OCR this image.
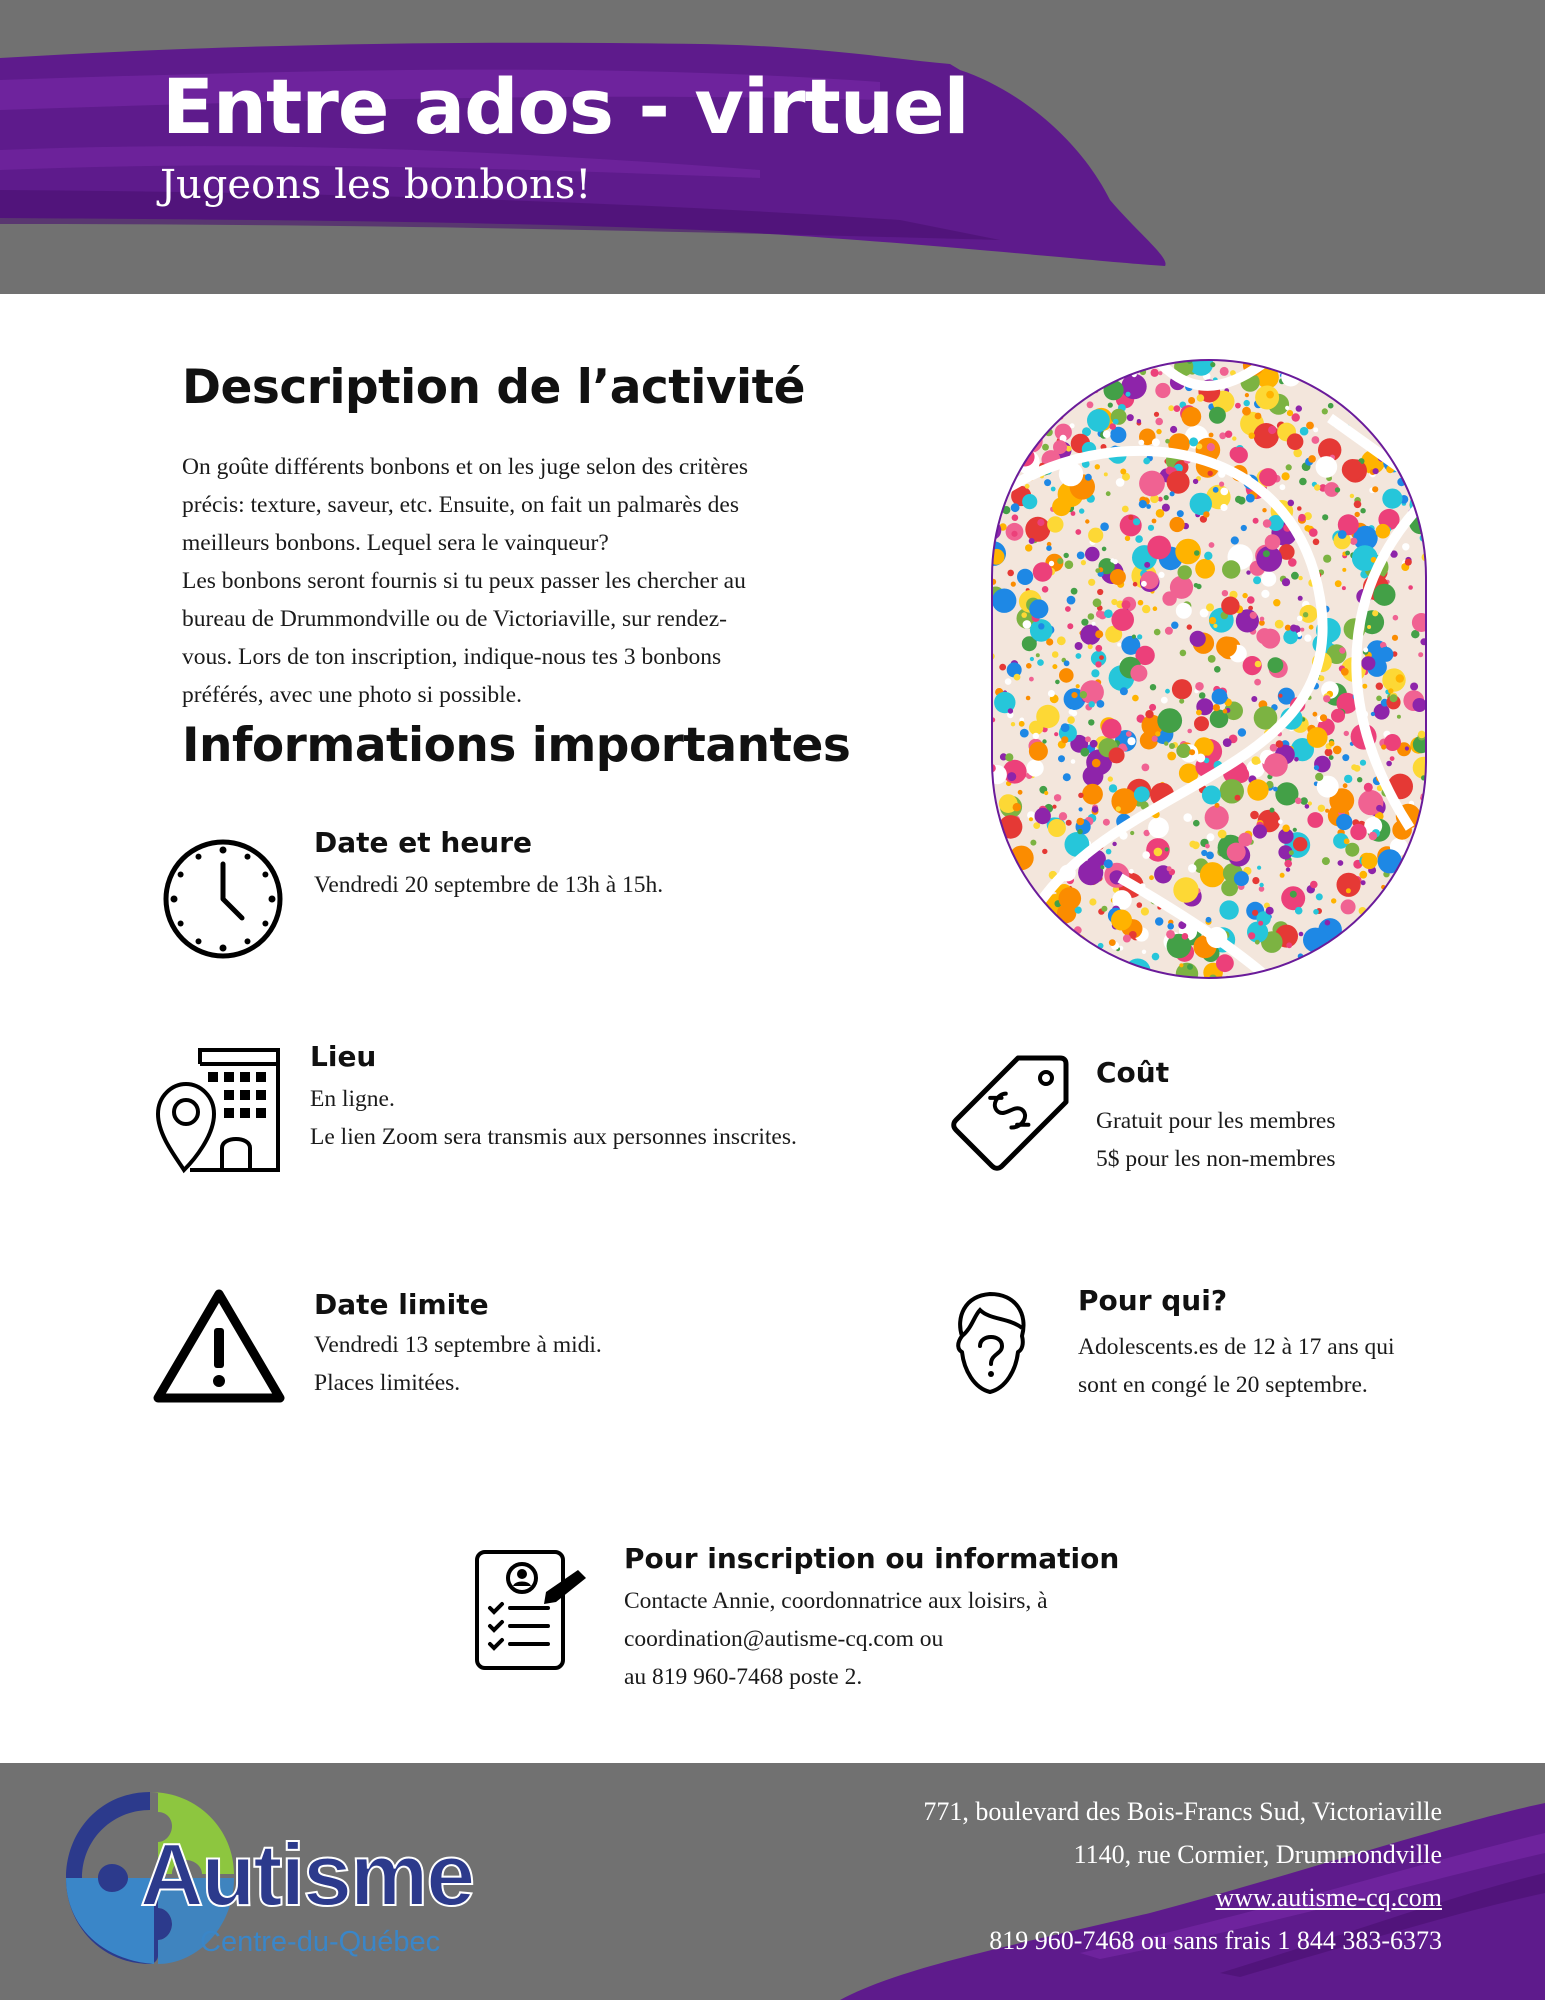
Entre ados - virtuel
Jugeons les bonbons!
Description de l’activité

On goûte différents bonbons et on les juge selon des critères

précis: texture, saveur, etc. Ensuite, on fait un palmarès des

meilleurs bonbons. Lequel sera le vainqueur?

Les bonbons seront fournis si tu peux passer les chercher au

bureau de Drummondville ou de Victoriaville, sur rendez-

vous. Lors de ton inscription, indique-nous tes 3 bonbons

préférés, avec une photo si possible.

Informations importantes
Date et heure
Vendredi 20 septembre de 13h à 15h.
Lieu
En ligne.
Le lien Zoom sera transmis aux personnes inscrites.
Coût
Gratuit pour les membres
5$ pour les non-membres
Date limite
Vendredi 13 septembre à midi.
Places limitées.
Pour qui?
Adolescents.es de 12 à 17 ans qui
sont en congé le 20 septembre.
Pour inscription ou information
Contacte Annie, coordonnatrice aux loisirs, à
coordination@autisme-cq.com ou
au 819 960-7468 poste 2.
771, boulevard des Bois-Francs Sud, Victoriaville
1140, rue Cormier, Drummondville
www.autisme-cq.com
819 960-7468 ou sans frais 1 844 383-6373
Autisme
Centre-du-Québec
